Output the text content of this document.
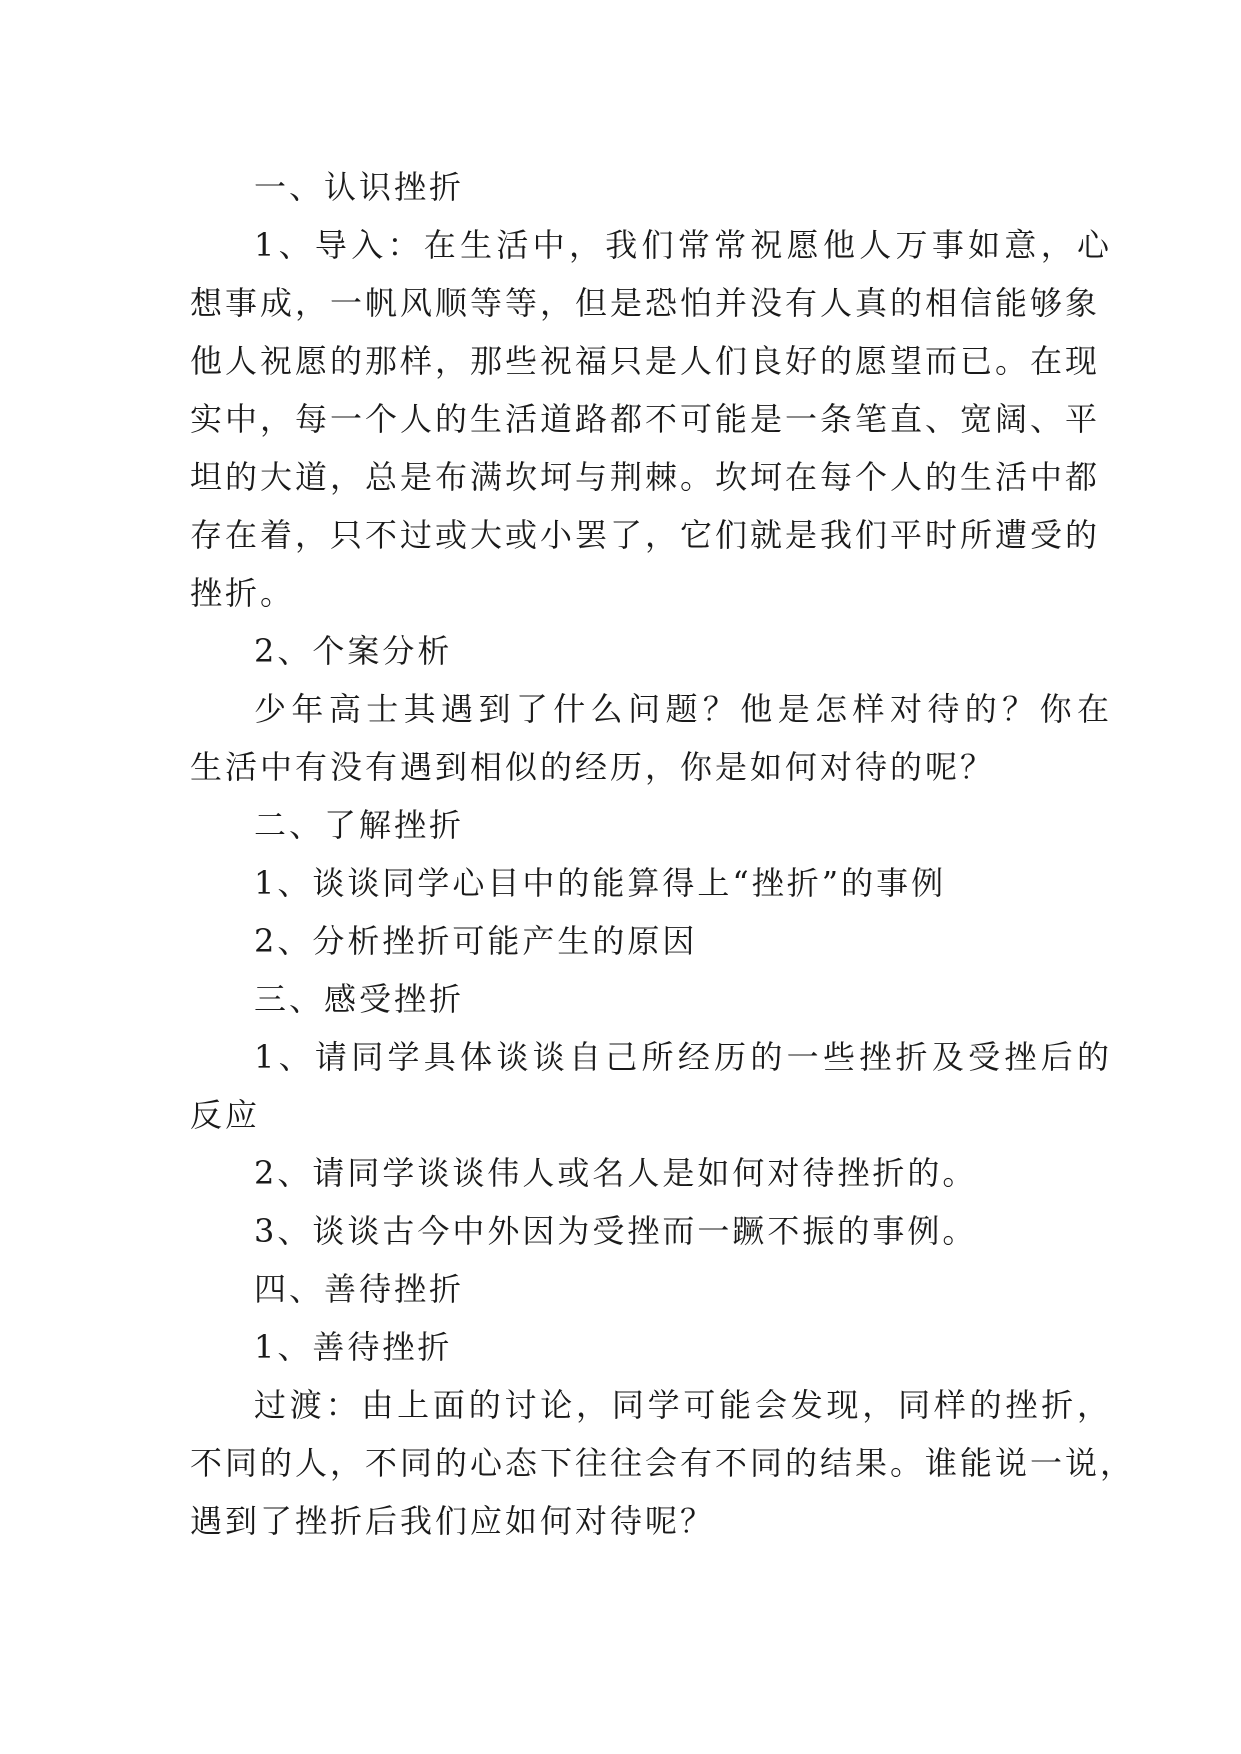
一、认识挫折
1、导入：在生活中，我们常常祝愿他人万事如意，心
想事成，一帆风顺等等，但是恐怕并没有人真的相信能够象
他人祝愿的那样，那些祝福只是人们良好的愿望而已。在现
实中，每一个人的生活道路都不可能是一条笔直、宽阔、平
坦的大道，总是布满坎坷与荆棘。坎坷在每个人的生活中都
存在着，只不过或大或小罢了，它们就是我们平时所遭受的
挫折。
2、个案分析
少年高士其遇到了什么问题？他是怎样对待的？你在
生活中有没有遇到相似的经历，你是如何对待的呢？
二、了解挫折
1、谈谈同学心目中的能算得上“挫折”的事例
2、分析挫折可能产生的原因
三、感受挫折
1、请同学具体谈谈自己所经历的一些挫折及受挫后的
反应
2、请同学谈谈伟人或名人是如何对待挫折的。
3、谈谈古今中外因为受挫而一蹶不振的事例。
四、善待挫折
1、善待挫折
过渡：由上面的讨论，同学可能会发现，同样的挫折，
不同的人，不同的心态下往往会有不同的结果。谁能说一说，
遇到了挫折后我们应如何对待呢？
